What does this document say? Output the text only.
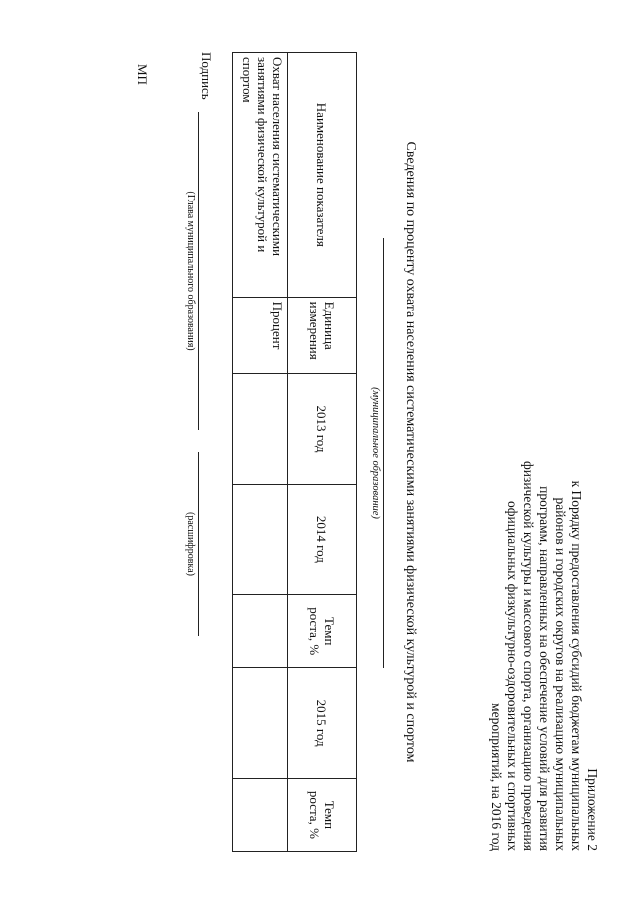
Приложение 2
к Порядку предоставления субсидий бюджетам муниципальных
районов и городских округов на реализацию муниципальных
программ, направленных на обеспечение условий для развития
физической культуры и массового спорта, организацию проведения
официальных физкультурно-оздоровительных и спортивных
мероприятий, на 2016 год
Сведения по проценту охвата населения систематическими занятиями физической культурой и спортом
(муниципальное образование)
Наименование показателя	Единица измерения	2013 год	2014 год	Темп роста, %	2015 год	Темп роста, %
Охват населения систематическими занятиями физической культурой и спортом	Процент					
Подпись
(Глава муниципального образования)
(расшифровка)
МП
